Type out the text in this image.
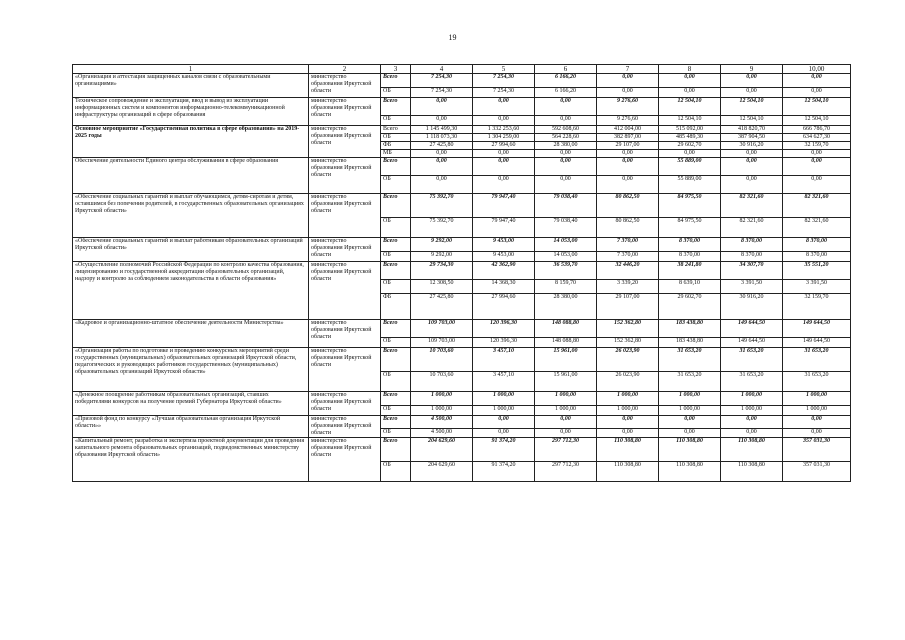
19
1	2	3	4	5	6	7	8	9	10,00
«Организация и аттестация защищенных каналов связи с образовательными организациями»	министерство образования Иркутской области	Всего	7 254,30	7 254,30	6 166,20	0,00	0,00	0,00	0,00
		ОБ	7 254,30	7 254,30	6 166,20	0,00	0,00	0,00	0,00
Техническое сопровождение и эксплуатация, ввод и вывод из эксплуатации информационных систем и компонентов информационно-телекоммуникационной инфраструктуры организаций в сфере образования	министерство образования Иркутской области	Всего	0,00	0,00	0,00	9 276,60	12 504,10	12 504,10	12 504,10
		ОБ	0,00	0,00	0,00	9 276,60	12 504,10	12 504,10	12 504,10
Основное мероприятие «Государственная политика в сфере образования» на 2019-2025 годы	министерство образования Иркутской области	Всего	1 145 499,30	1 332 253,60	592 608,60	412 004,00	515 092,00	418 820,70	666 786,70
		ОБ	1 118 073,30	1 304 259,00	564 228,60	382 897,00	485 489,30	387 904,50	634 627,30
		ФБ	27 425,80	27 994,60	28 380,00	29 107,00	29 602,70	30 916,20	32 159,70
		МБ	0,00	0,00	0,00	0,00	0,00	0,00	0,00
Обеспечение деятельности Единого центра обслуживания в сфере образования	министерство образования Иркутской области	Всего	0,00	0,00	0,00	0,00	55 889,00	0,00	0,00
		ОБ	0,00	0,00	0,00	0,00	55 889,00	0,00	0,00
«Обеспечение социальных гарантий и выплат обучающимся, детям-сиротам и детям, оставшимся без попечения родителей, в государственных образовательных организациях Иркутской области»	министерство образования Иркутской области	Всего	75 392,70	79 947,40	79 038,40	80 862,50	84 975,50	82 321,60	82 321,60
		ОБ	75 392,70	79 947,40	79 038,40	80 862,50	84 975,50	82 321,60	82 321,60
«Обеспечение социальных гарантий и выплат работникам образовательных организаций Иркутской области»	министерство образования Иркутской области	Всего	9 292,00	9 453,00	14 053,00	7 370,00	8 370,00	8 370,00	8 370,00
		ОБ	9 292,00	9 453,00	14 053,00	7 370,00	8 370,00	8 370,00	8 370,00
«Осуществление полномочий Российской Федерации по контролю качества образования, лицензированию и государственной аккредитации образовательных организаций, надзору и контролю за соблюдением законодательства в области образования»	министерство образования Иркутской области	Всего	29 734,30	42 362,90	36 539,70	32 446,20	38 241,80	34 307,70	35 551,20
		ОБ	12 308,50	14 368,30	8 159,70	3 339,20	8 639,10	3 391,50	3 391,50
		ФБ	27 425,80	27 994,60	28 380,00	29 107,00	29 602,70	30 916,20	32 159,70
«Кадровое и организационно-штатное обеспечение деятельности Министерства»	министерство образования Иркутской области	Всего	109 703,00	120 396,30	148 088,80	152 362,80	183 438,80	149 644,50	149 644,50
		ОБ	109 703,00	120 396,30	148 088,80	152 362,80	183 438,80	149 644,50	149 644,50
«Организация работы по подготовке и проведению конкурсных мероприятий среди государственных (муниципальных) образовательных организаций Иркутской области, педагогических и руководящих работников государственных (муниципальных) образовательных организаций Иркутской области»	министерство образования Иркутской области	Всего	10 703,60	3 457,10	15 961,00	26 023,90	31 653,20	31 653,20	31 653,20
		ОБ	10 703,60	3 457,10	15 961,00	26 023,90	31 653,20	31 653,20	31 653,20
«Денежное поощрение работникам образовательных организаций, ставших победителями конкурсов на получение премий Губернатора Иркутской области»	министерство образования Иркутской области	Всего	1 000,00	1 000,00	1 000,00	1 000,00	1 000,00	1 000,00	1 000,00
		ОБ	1 000,00	1 000,00	1 000,00	1 000,00	1 000,00	1 000,00	1 000,00
«Призовой фонд по конкурсу «Лучшая образовательная организация Иркутской области»»	министерство образования Иркутской области	Всего	4 500,00	0,00	0,00	0,00	0,00	0,00	0,00
		ОБ	4 500,00	0,00	0,00	0,00	0,00	0,00	0,00
«Капитальный ремонт, разработка и экспертиза проектной документации для проведения капитального ремонта образовательных организаций, подведомственных министерству образования Иркутской области»	министерство образования Иркутской области	Всего	204 629,60	91 374,20	297 712,30	110 308,80	110 308,80	110 308,80	357 031,30
		ОБ	204 629,60	91 374,20	297 712,30	110 308,80	110 308,80	110 308,80	357 031,30
